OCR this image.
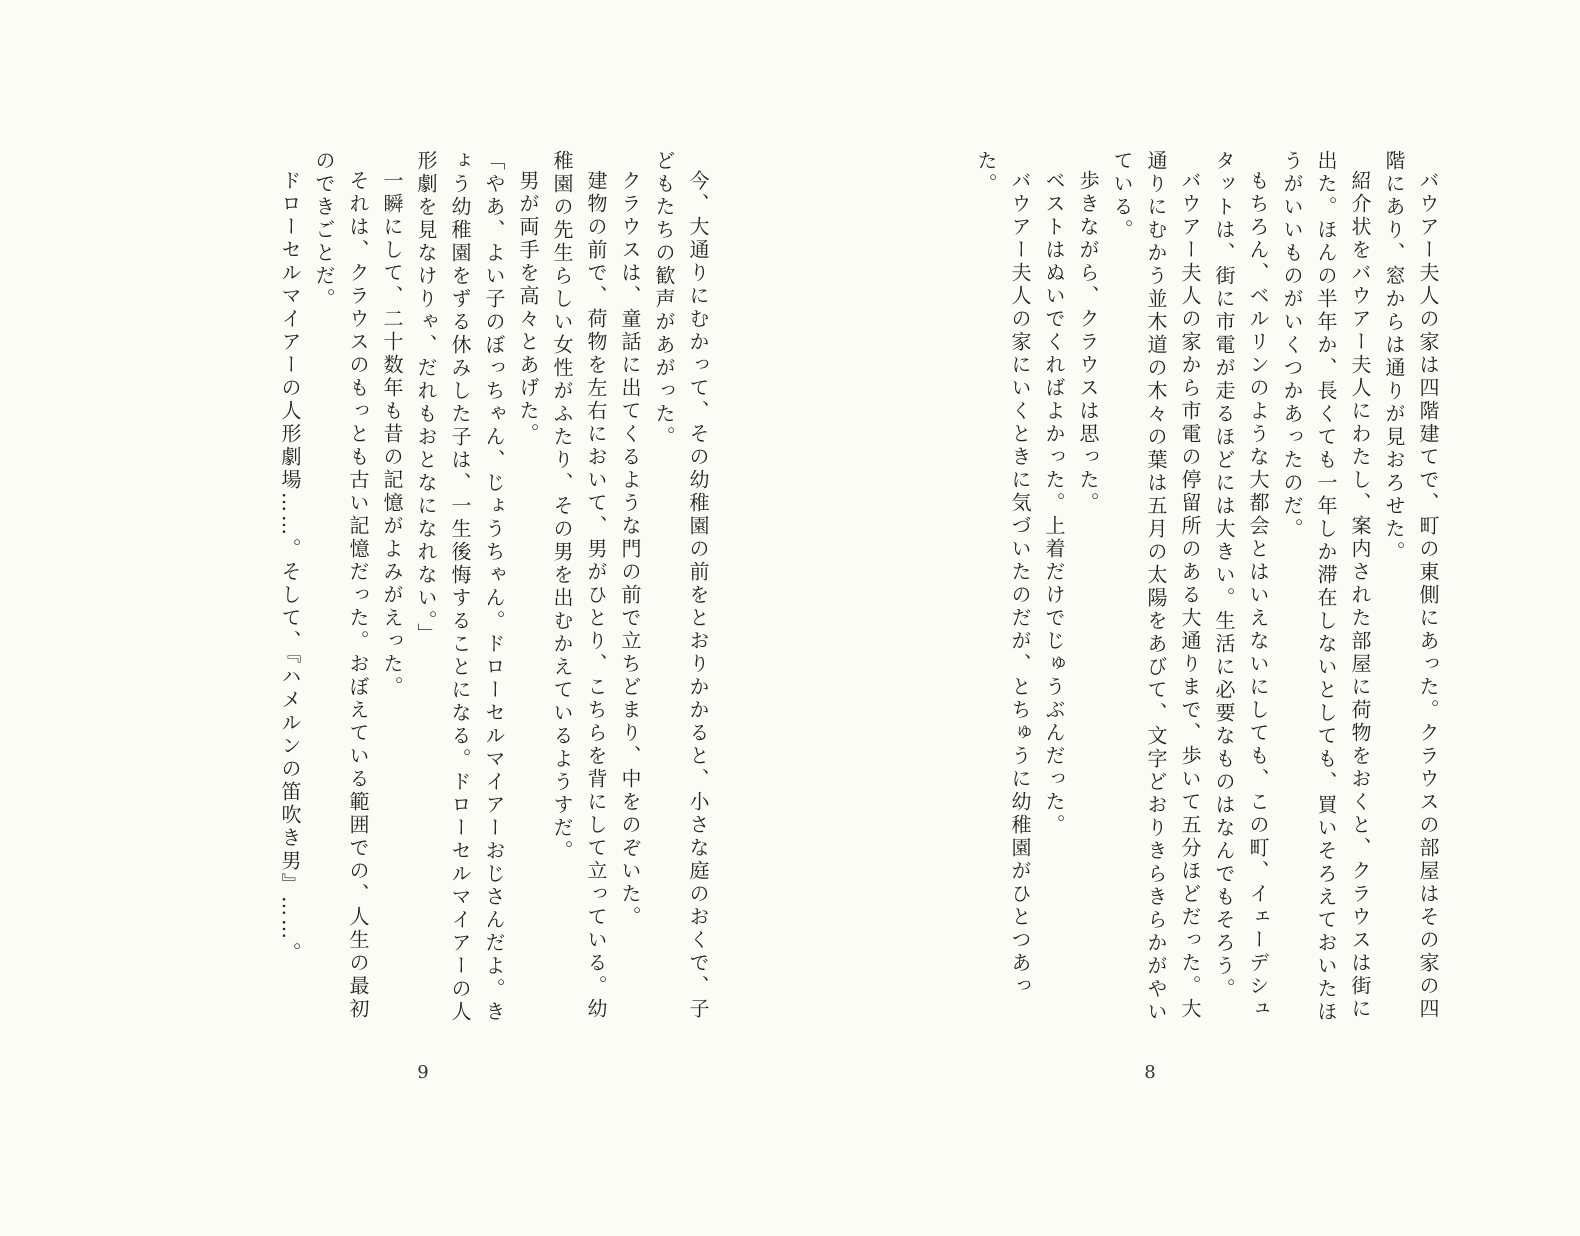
今、大通りにむかって、その幼稚園の前をとおりかかると、小さな庭のおくで、子どもたちの歓声があがった。

クラウスは、童話に出てくるような門の前で立ちどまり、中をのぞいた。

建物の前で、荷物を左右において、男がひとり、こちらを背にして立っている。幼稚園の先生らしい女性がふたり、その男を出むかえているようすだ。

男が両手を高々とあげた。

「やあ、よい子のぼっちゃん、じょうちゃん。ドローセルマイアーおじさんだよ。きょう幼稚園をずる休みした子は、一生後悔することになる。ドローセルマイアーの人形劇を見なけりゃ、だれもおとなになれない。」

一瞬にして、二十数年も昔の記憶がよみがえった。

それは、クラウスのもっとも古い記憶だった。おぼえている範囲での、人生の最初のできごとだ。

ドローセルマイアーの人形劇場……。そして、『ハメルンの笛吹き男』……。	バウアー夫人の家は四階建てで、町の東側にあった。クラウスの部屋はその家の四階にあり、窓からは通りが見おろせた。

紹介状をバウアー夫人にわたし、案内された部屋に荷物をおくと、クラウスは街に出た。ほんの半年か、長くても一年しか滞在しないとしても、買いそろえておいたほうがいいものがいくつかあったのだ。

もちろん、ベルリンのような大都会とはいえないにしても、この町、イェーデシュタットは、街に市電が走るほどには大きい。生活に必要なものはなんでもそろう。

バウアー夫人の家から市電の停留所のある大通りまで、歩いて五分ほどだった。大通りにむかう並木道の木々の葉は五月の太陽をあびて、文字どおりきらきらかがやいている。

歩きながら、クラウスは思った。

ベストはぬいでくればよかった。上着だけでじゅうぶんだった。

バウアー夫人の家にいくときに気づいたのだが、とちゅうに幼稚園がひとつあった。

9	8
